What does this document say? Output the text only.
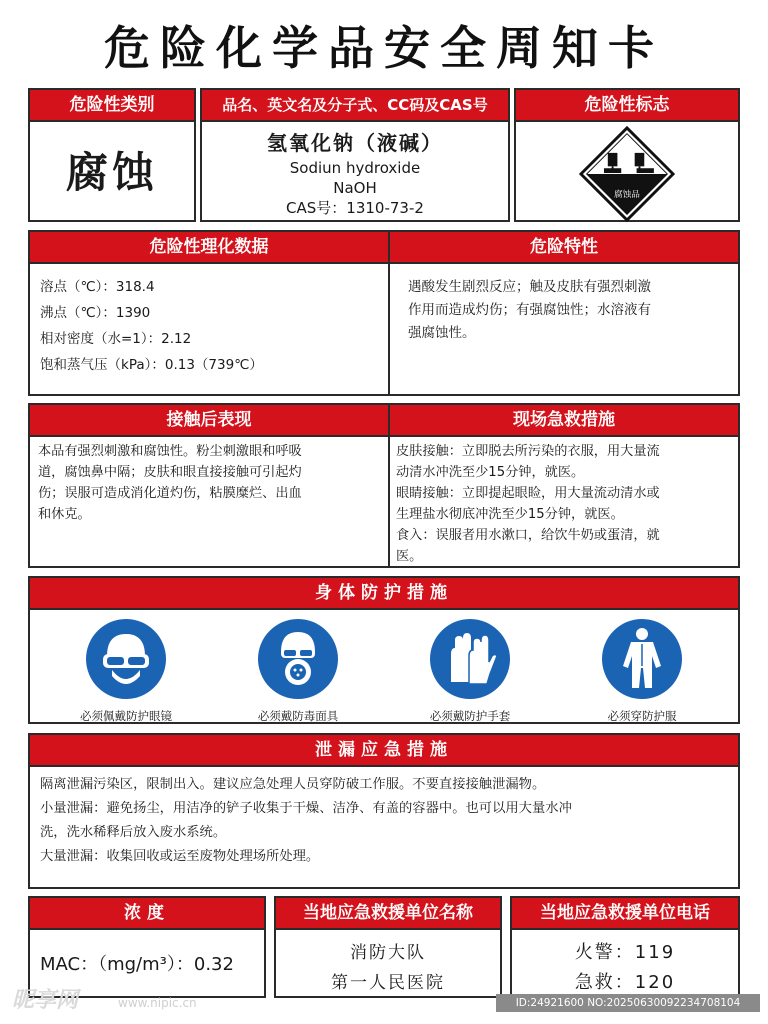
危险化学品安全周知卡
危险性类别
腐蚀
品名、英文名及分子式、CC码及CAS号
氢氧化钠（液碱）
Sodiun hydroxide
NaOH
CAS号：1310-73-2
危险性标志
腐蚀品
危险性理化数据	危险特性
溶点（℃）：318.4
沸点（℃）：1390
相对密度（水=1）：2.12
饱和蒸气压（kPa）：0.13（739℃）
遇酸发生剧烈反应；触及皮肤有强烈刺激
作用而造成灼伤；有强腐蚀性；水溶液有
强腐蚀性。
接触后表现	现场急救措施
本品有强烈刺激和腐蚀性。粉尘刺激眼和呼吸
道，腐蚀鼻中隔；皮肤和眼直接接触可引起灼
伤；误服可造成消化道灼伤，粘膜糜烂、出血
和休克。
皮肤接触：立即脱去所污染的衣服，用大量流
动清水冲洗至少15分钟，就医。
眼睛接触：立即提起眼睑，用大量流动清水或
生理盐水彻底冲洗至少15分钟，就医。
食入：误服者用水漱口，给饮牛奶或蛋清，就
医。
身体防护措施
必须佩戴防护眼镜	必须戴防毒面具	必须戴防护手套	必须穿防护服
泄漏应急措施
隔离泄漏污染区，限制出入。建议应急处理人员穿防破工作服。不要直接接触泄漏物。
小量泄漏：避免扬尘，用洁净的铲子收集于干燥、洁净、有盖的容器中。也可以用大量水冲
洗，洗水稀释后放入废水系统。
大量泄漏：收集回收或运至废物处理场所处理。
浓度
MAC：（mg/m³）：0.32
当地应急救援单位名称
消防大队
第一人民医院
当地应急救援单位电话
火警：119
急救：120
昵享网	www.nipic.cn	ID:24921600 NO:20250630092234708104
